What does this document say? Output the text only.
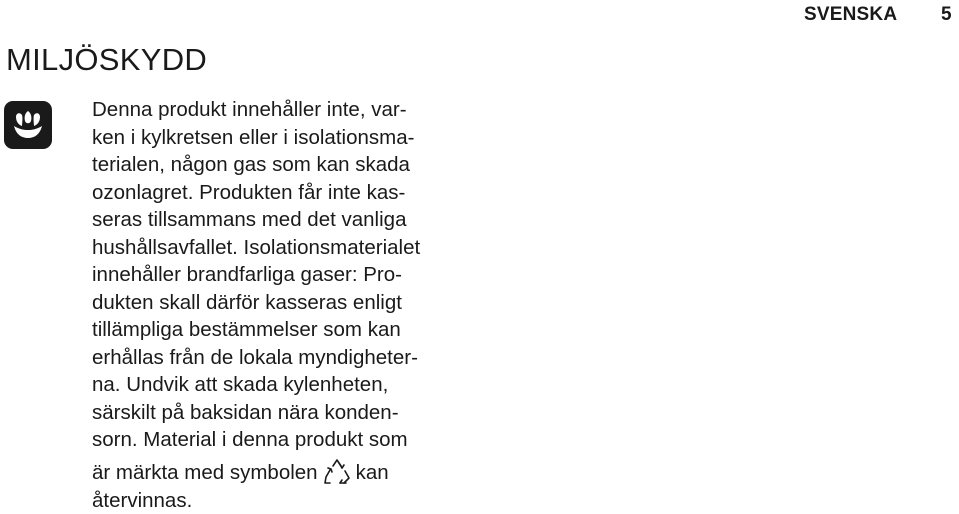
SVENSKA 5
MILJÖSKYDD
Denna produkt innehåller inte, var-
ken i kylkretsen eller i isolationsma-
terialen, någon gas som kan skada
ozonlagret. Produkten får inte kas-
seras tillsammans med det vanliga
hushållsavfallet. Isolationsmaterialet
innehåller brandfarliga gaser: Pro-
dukten skall därför kasseras enligt
tillämpliga bestämmelser som kan
erhållas från de lokala myndigheter-
na. Undvik att skada kylenheten,
särskilt på baksidan nära konden-
sorn. Material i denna produkt som
är märkta med symbolen kan
återvinnas.
